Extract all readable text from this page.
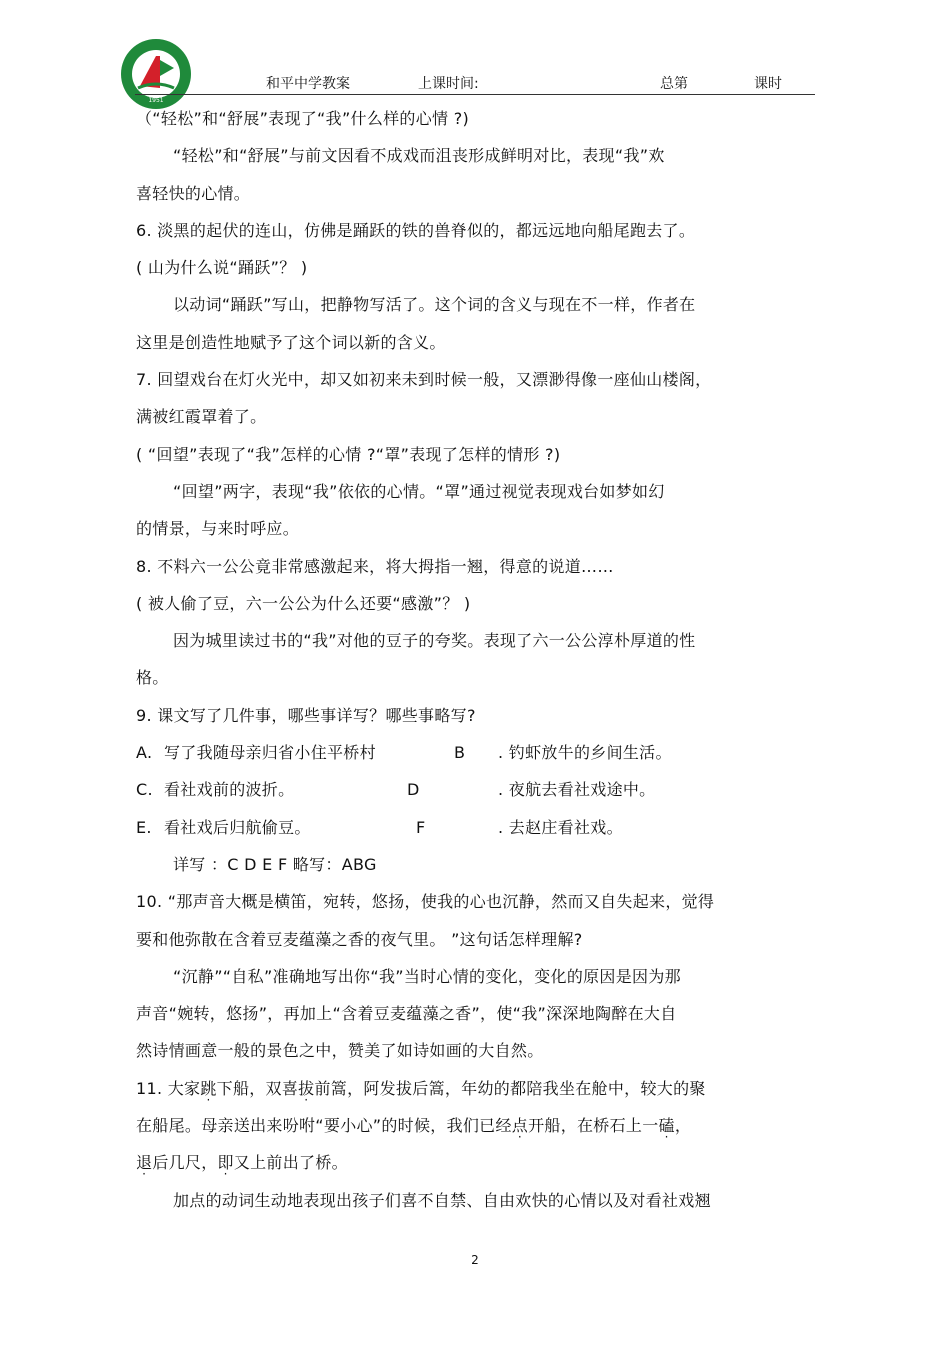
1951
和平中学教案	上课时间:	总第	课时
（“轻松”和“舒展”表现了“我”什么样的心情 ?)
“轻松”和“舒展”与前文因看不成戏而沮丧形成鲜明对比，表现“我”欢
喜轻快的心情。
6. 淡黑的起伏的连山，仿佛是踊跃的铁的兽脊似的，都远远地向船尾跑去了。
( 山为什么说“踊跃”？ )
以动词“踊跃”写山，把静物写活了。这个词的含义与现在不一样，作者在
这里是创造性地赋予了这个词以新的含义。
7. 回望戏台在灯火光中，却又如初来未到时候一般，又漂渺得像一座仙山楼阁，
满被红霞罩着了。
( “回望”表现了“我”怎样的心情 ?“罩”表现了怎样的情形 ?)
“回望”两字，表现“我”依依的心情。“罩”通过视觉表现戏台如梦如幻
的情景，与来时呼应。
8. 不料六一公公竟非常感激起来，将大拇指一翘，得意的说道……
( 被人偷了豆，六一公公为什么还要“感激”？ )
因为城里读过书的“我”对他的豆子的夸奖。表现了六一公公淳朴厚道的性
格。
9. 课文写了几件事，哪些事详写？哪些事略写?
A. 写了我随母亲归省小住平桥村	B . 钓虾放牛的乡间生活。
C. 看社戏前的波折。	D	. 夜航去看社戏途中。
E. 看社戏后归航偷豆。	F	. 去赵庄看社戏。
详写 ：C D E F 略写：ABG
10. “那声音大概是横笛，宛转，悠扬，使我的心也沉静，然而又自失起来，觉得
要和他弥散在含着豆麦蕴藻之香的夜气里。 ”这句话怎样理解?
“沉静”“自私”准确地写出你“我”当时心情的变化，变化的原因是因为那
声音“婉转，悠扬”，再加上“含着豆麦蕴藻之香”，使“我”深深地陶醉在大自
然诗情画意一般的景色之中，赞美了如诗如画的大自然。
11. 大家跳
·
下船，双喜拔
·
前篙，阿发拔后篙，年幼的都陪我坐在舱中，较大的聚
在船尾。母亲送出来吩咐“要小心”的时候，我们已经点
·
开船，在桥石上一磕
·
，
退
·
后几尺，即
·
又上前出了桥。
加点的动词生动地表现出孩子们喜不自禁、自由欢快的心情以及对看社戏翘
2
